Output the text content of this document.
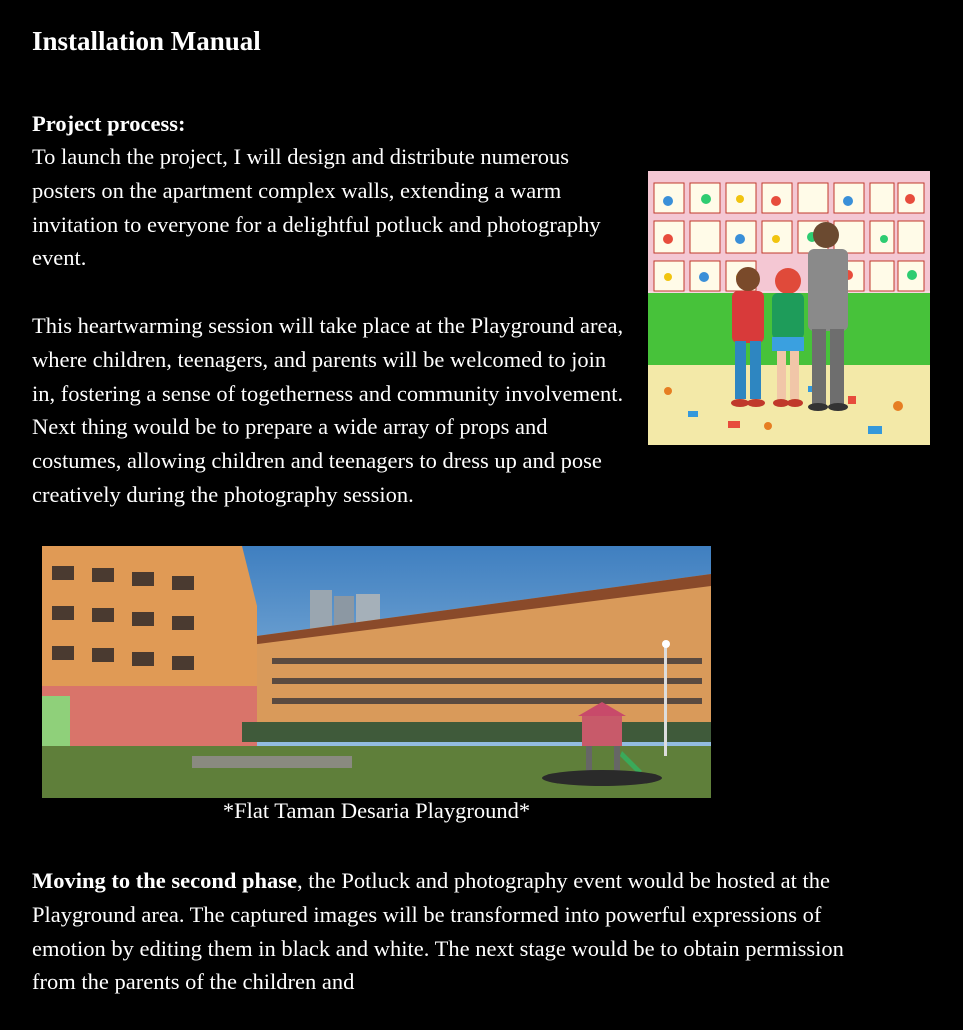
Installation Manual

Project process:

To launch the project, I will design and distribute numerous posters on the apartment complex walls, extending a warm invitation to everyone for a delightful potluck and photography event.

This heartwarming session will take place at the Playground area, where children, teenagers, and parents will be welcomed to join in, fostering a sense of togetherness and community involvement. Next thing would be to prepare a wide array of props and costumes, allowing children and teenagers to dress up and pose creatively during the photography session.

*Flat Taman Desaria Playground*

Moving to the second phase, the Potluck and photography event would be hosted at the Playground area. The captured images will be transformed into powerful expressions of emotion by editing them in black and white. The next stage would be to obtain permission from the parents of the children and
